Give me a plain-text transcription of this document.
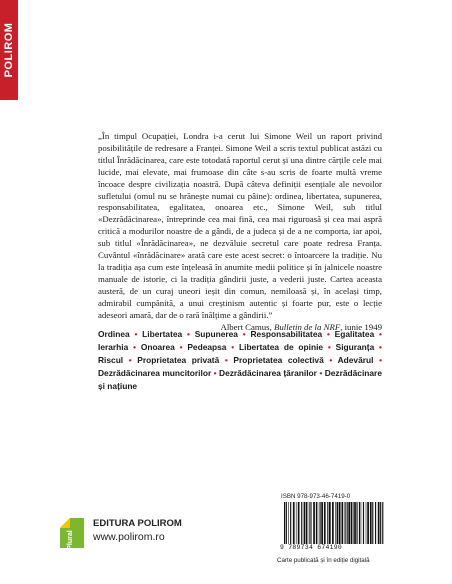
POLIROM

„În timpul Ocupației, Londra i-a cerut lui Simone Weil un raport privind posibilitățile de redresare a Franței. Simone Weil a scris textul publicat astăzi cu titlul Înrădăcinarea, care este totodată raportul cerut și una dintre cărțile cele mai lucide, mai elevate, mai frumoase din câte s-au scris de foarte multă vreme încoace despre civilizația noastră. După câteva definiții esențiale ale nevoilor sufletului (omul nu se hrănește numai cu pâine): ordinea, libertatea, supunerea, responsabilitatea, egalitatea, onoarea etc., Simone Weil, sub titlul «Dezrădăcinarea», întreprinde cea mai fină, cea mai riguroasă și cea mai aspră critică a modurilor noastre de a gândi, de a judeca și de a ne comporta, iar apoi, sub titlul «Înrădăcinarea», ne dezvăluie secretul care poate redresa Franța. Cuvântul «înrădăcinare» arată care este acest secret: o întoarcere la tradiție. Nu la tradiția așa cum este înțeleasă în anumite medii politice și în jalnicele noastre manuale de istorie, ci la tradiția gândirii juste, a vederii juste. Cartea aceasta austeră, de un curaj uneori ieșit din comun, nemiloasă și, în același timp, admirabil cumpănită, a unui creștinism autentic și foarte pur, este o lecție adeseori amară, dar de o rară înălțime a gândirii.”

Albert Camus, Bulletin de la NRF, iunie 1949

Ordinea • Libertatea • Supunerea • Responsabilitatea • Egalitatea • Ierarhia • Onoarea • Pedeapsa • Libertatea de opinie • Siguranța • Riscul • Proprietatea privată • Proprietatea colectivă • Adevărul • Dezrădăcinarea muncitorilor • Dezrădăcinarea țăranilor • Dezrădăcinare și națiune
Plural
EDITURA POLIROM
www.polirom.ro
ISBN 978-973-46-7419-0
9 789734 674190
Carte publicată și în ediție digitală
